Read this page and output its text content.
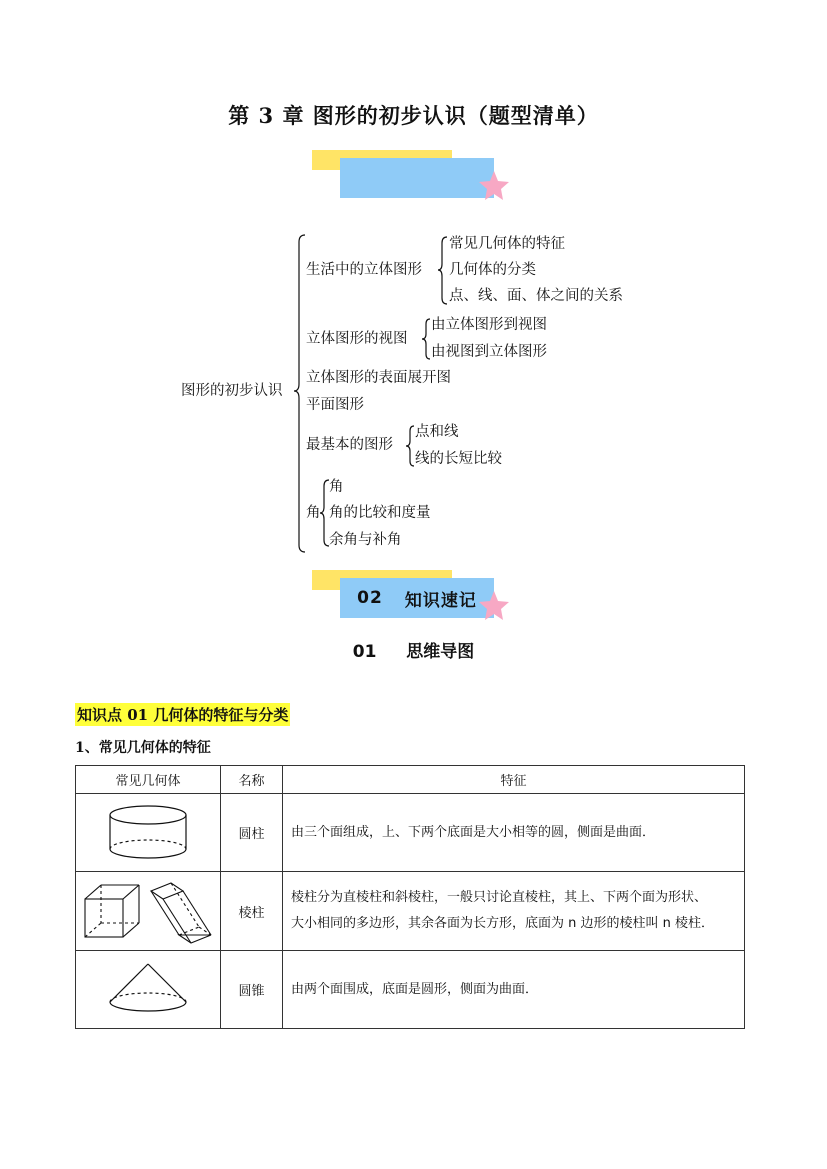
第 3 章 图形的初步认识（题型清单）
图形的初步认识
生活中的立体图形
常见几何体的特征
几何体的分类
点、线、面、体之间的关系
立体图形的视图
由立体图形到视图
由视图到立体图形
立体图形的表面展开图
平面图形
最基本的图形
点和线
线的长短比较
角
角
角的比较和度量
余角与补角
02 知识速记
01 思维导图
知识点 01 几何体的特征与分类
1、常见几何体的特征
常见几何体	名称	特征

	圆柱	由三个面组成，上、下两个底面是大小相等的圆，侧面是曲面．

	棱柱	棱柱分为直棱柱和斜棱柱，一般只讨论直棱柱，其上、下两个面为形状、
大小相同的多边形，其余各面为长方形，底面为 n 边形的棱柱叫 n 棱柱．

	圆锥	由两个面围成，底面是圆形，侧面为曲面．
